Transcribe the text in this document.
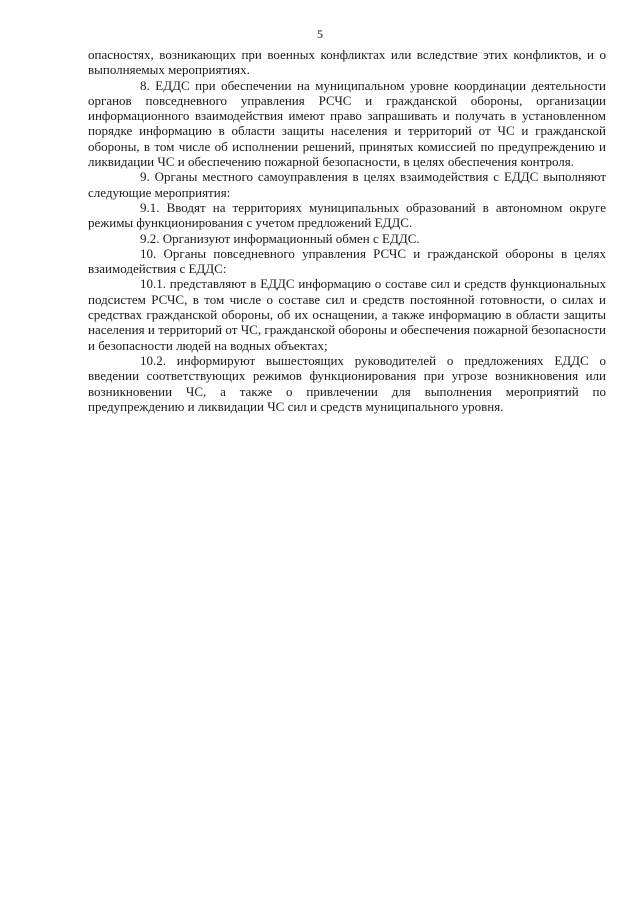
5

опасностях, возникающих при военных конфликтах или вследствие этих конфликтов, и о выполняемых мероприятиях.

8. ЕДДС при обеспечении на муниципальном уровне координации деятельности органов повседневного управления РСЧС и гражданской обороны, организации информационного взаимодействия имеют право запрашивать и получать в установленном порядке информацию в области защиты населения и территорий от ЧС и гражданской обороны, в том числе об исполнении решений, принятых комиссией по предупреждению и ликвидации ЧС и обеспечению пожарной безопасности, в целях обеспечения контроля.

9. Органы местного самоуправления в целях взаимодействия с ЕДДС выполняют следующие мероприятия:

9.1. Вводят на территориях муниципальных образований в автономном округе режимы функционирования с учетом предложений ЕДДС.

9.2. Организуют информационный обмен с ЕДДС.

10. Органы повседневного управления РСЧС и гражданской обороны в целях взаимодействия с ЕДДС:

10.1. представляют в ЕДДС информацию о составе сил и средств функциональных подсистем РСЧС, в том числе о составе сил и средств постоянной готовности, о силах и средствах гражданской обороны, об их оснащении, а также информацию в области защиты населения и территорий от ЧС, гражданской обороны и обеспечения пожарной безопасности и безопасности людей на водных объектах;

10.2. информируют вышестоящих руководителей о предложениях ЕДДС о введении соответствующих режимов функционирования при угрозе возникновения или возникновении ЧС, а также о привлечении для выполнения мероприятий по предупреждению и ликвидации ЧС сил и средств муниципального уровня.
